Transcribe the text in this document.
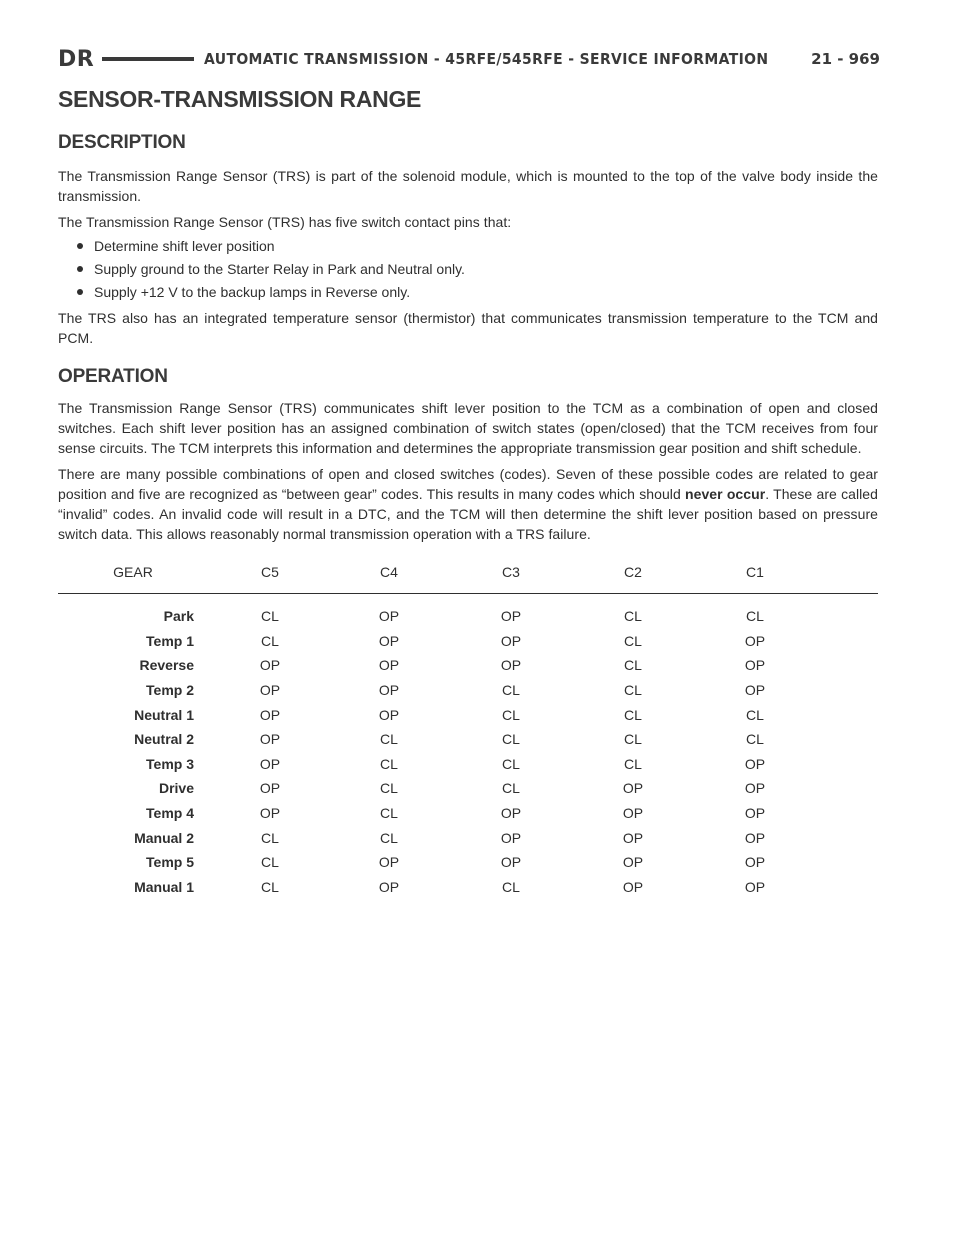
DR	AUTOMATIC TRANSMISSION - 45RFE/545RFE - SERVICE INFORMATION	21 - 969
SENSOR-TRANSMISSION RANGE
DESCRIPTION

The Transmission Range Sensor (TRS) is part of the solenoid module, which is mounted to the top of the valve body inside the transmission.

The Transmission Range Sensor (TRS) has five switch contact pins that:

Determine shift lever position
Supply ground to the Starter Relay in Park and Neutral only.
Supply +12 V to the backup lamps in Reverse only.

The TRS also has an integrated temperature sensor (thermistor) that communicates transmission temperature to the TCM and PCM.

OPERATION

The Transmission Range Sensor (TRS) communicates shift lever position to the TCM as a combination of open and closed switches. Each shift lever position has an assigned combination of switch states (open/closed) that the TCM receives from four sense circuits. The TCM interprets this information and determines the appropriate transmission gear position and shift schedule.

There are many possible combinations of open and closed switches (codes). Seven of these possible codes are related to gear position and five are recognized as “between gear” codes. This results in many codes which should never occur. These are called “invalid” codes. An invalid code will result in a DTC, and the TCM will then determine the shift lever position based on pressure switch data. This allows reasonably normal transmission operation with a TRS failure.

GEAR	C5	C4	C3	C2	C1
Park	CL	OP	OP	CL	CL
Temp 1	CL	OP	OP	CL	OP
Reverse	OP	OP	OP	CL	OP
Temp 2	OP	OP	CL	CL	OP
Neutral 1	OP	OP	CL	CL	CL
Neutral 2	OP	CL	CL	CL	CL
Temp 3	OP	CL	CL	CL	OP
Drive	OP	CL	CL	OP	OP
Temp 4	OP	CL	OP	OP	OP
Manual 2	CL	CL	OP	OP	OP
Temp 5	CL	OP	OP	OP	OP
Manual 1	CL	OP	CL	OP	OP
